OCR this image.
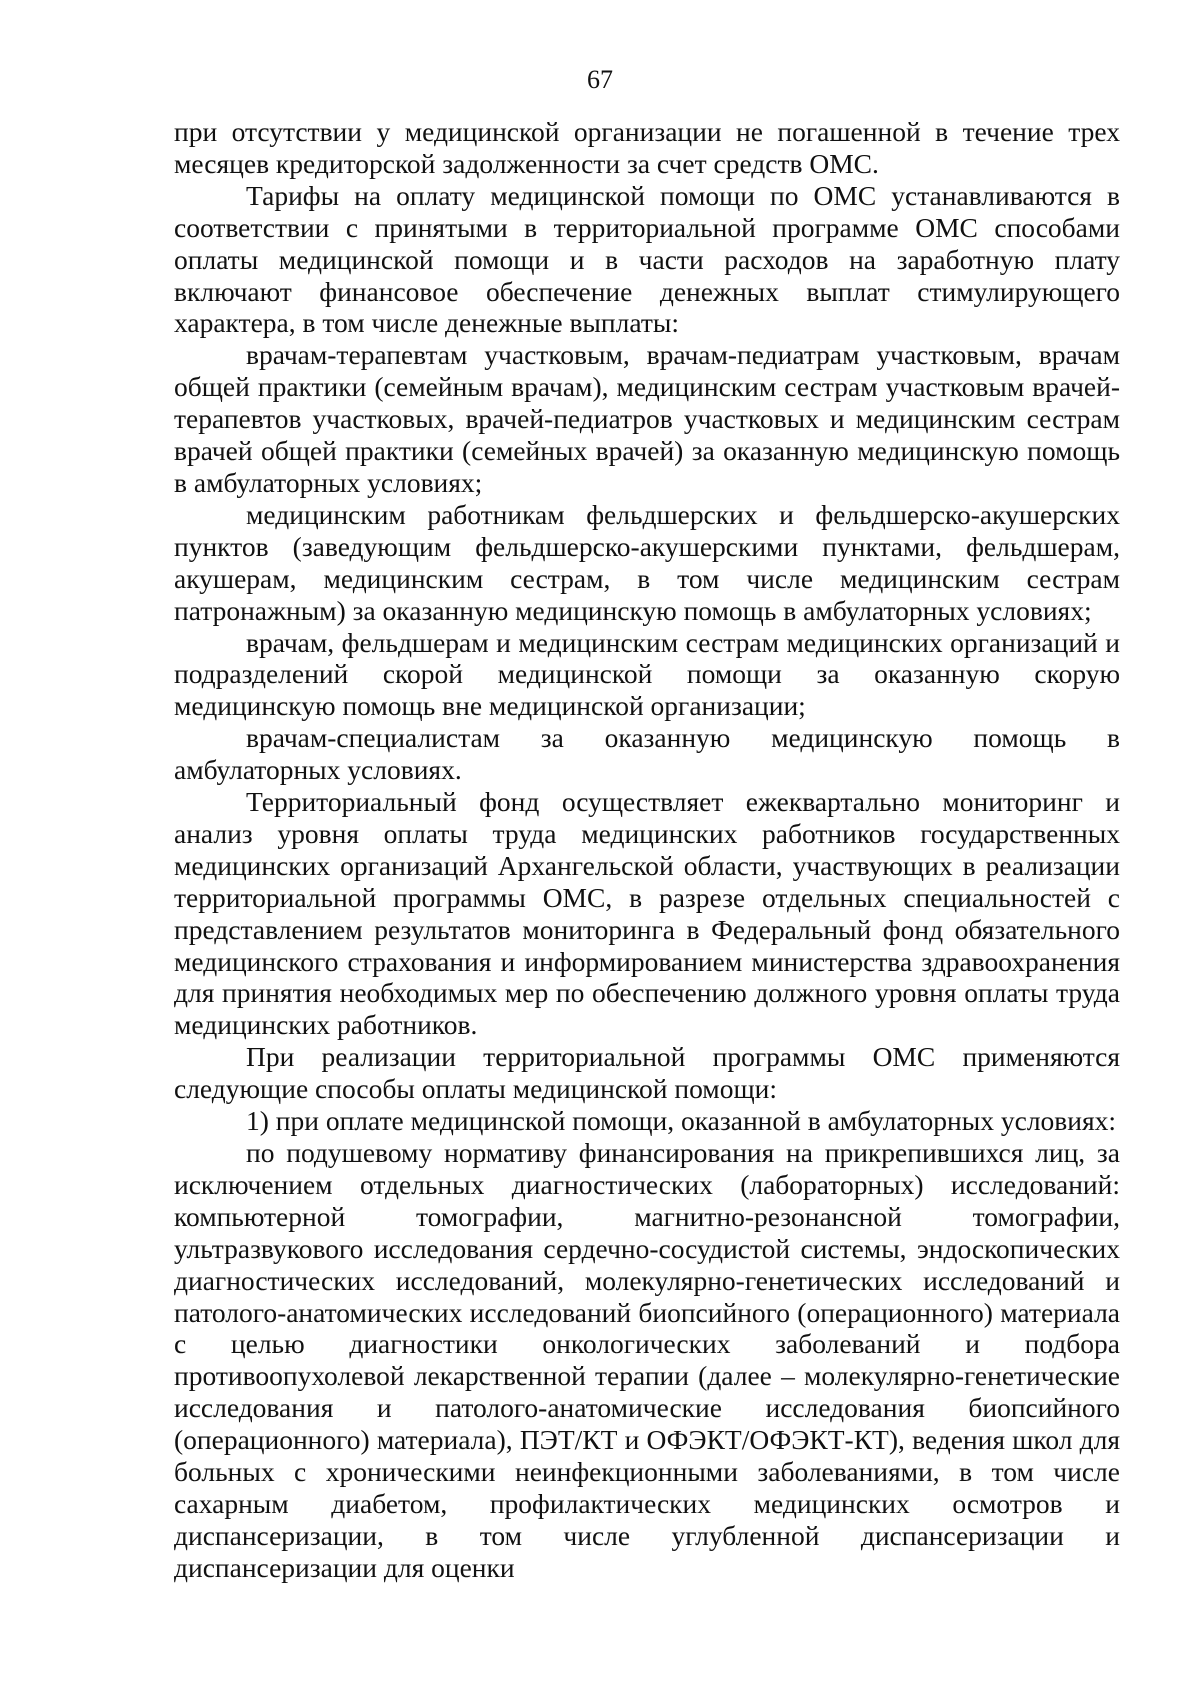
67

при отсутствии у медицинской организации не погашенной в течение трех месяцев кредиторской задолженности за счет средств ОМС.

Тарифы на оплату медицинской помощи по ОМС устанавливаются в соответствии с принятыми в территориальной программе ОМС способами оплаты медицинской помощи и в части расходов на заработную плату включают финансовое обеспечение денежных выплат стимулирующего характера, в том числе денежные выплаты:

врачам-терапевтам участковым, врачам-педиатрам участковым, врачам общей практики (семейным врачам), медицинским сестрам участковым врачей-терапевтов участковых, врачей-педиатров участковых и медицинским сестрам врачей общей практики (семейных врачей) за оказанную медицинскую помощь в амбулаторных условиях;

медицинским работникам фельдшерских и фельдшерско-акушерских пунктов (заведующим фельдшерско-акушерскими пунктами, фельдшерам, акушерам, медицинским сестрам, в том числе медицинским сестрам патронажным) за оказанную медицинскую помощь в амбулаторных условиях;

врачам, фельдшерам и медицинским сестрам медицинских организаций и подразделений скорой медицинской помощи за оказанную скорую медицинскую помощь вне медицинской организации;

врачам-специалистам за оказанную медицинскую помощь в амбулаторных условиях.

Территориальный фонд осуществляет ежеквартально мониторинг и анализ уровня оплаты труда медицинских работников государственных медицинских организаций Архангельской области, участвующих в реализации территориальной программы ОМС, в разрезе отдельных специальностей с представлением результатов мониторинга в Федеральный фонд обязательного медицинского страхования и информированием министерства здравоохранения для принятия необходимых мер по обеспечению должного уровня оплаты труда медицинских работников.

При реализации территориальной программы ОМС применяются следующие способы оплаты медицинской помощи:

1) при оплате медицинской помощи, оказанной в амбулаторных условиях:

по подушевому нормативу финансирования на прикрепившихся лиц, за исключением отдельных диагностических (лабораторных) исследований: компьютерной томографии, магнитно-резонансной томографии, ультразвукового исследования сердечно-сосудистой системы, эндоскопических диагностических исследований, молекулярно-генетических исследований и патолого-анатомических исследований биопсийного (операционного) материала с целью диагностики онкологических заболеваний и подбора противоопухолевой лекарственной терапии (далее – молекулярно-генетические исследования и патолого-анатомические исследования биопсийного (операционного) материала), ПЭТ/КТ и ОФЭКТ/ОФЭКТ-КТ), ведения школ для больных с хроническими неинфекционными заболеваниями, в том числе сахарным диабетом, профилактических медицинских осмотров и диспансеризации, в том числе углубленной диспансеризации и диспансеризации для оценки
